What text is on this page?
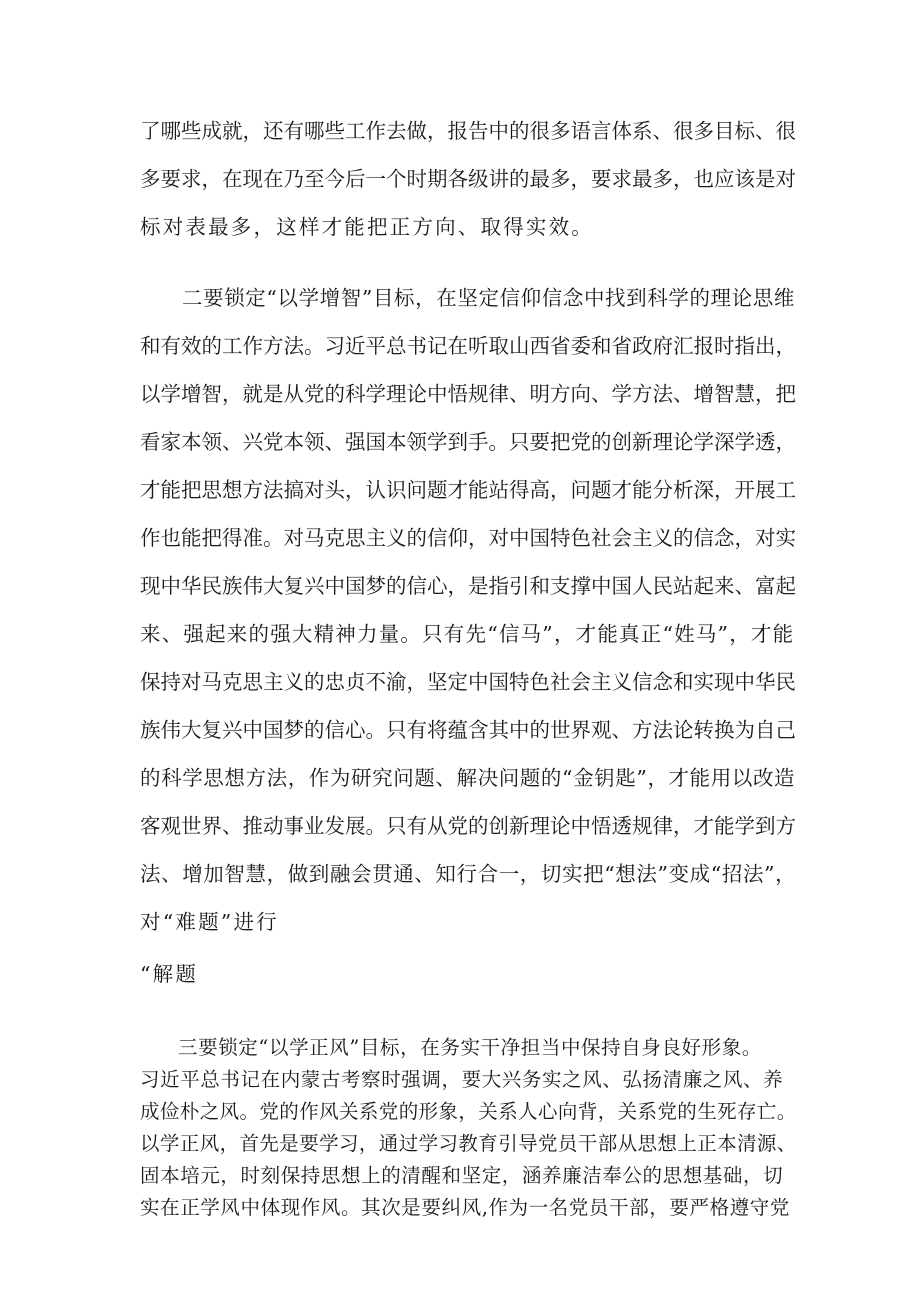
了哪些成就，还有哪些工作去做，报告中的很多语言体系、很多目标、很
多要求，在现在乃至今后一个时期各级讲的最多，要求最多，也应该是对
标对表最多，这样才能把正方向、取得实效。
二要锁定“以学增智”目标，在坚定信仰信念中找到科学的理论思维
和有效的工作方法。习近平总书记在听取山西省委和省政府汇报时指出，
以学增智，就是从党的科学理论中悟规律、明方向、学方法、增智慧，把
看家本领、兴党本领、强国本领学到手。只要把党的创新理论学深学透，
才能把思想方法搞对头，认识问题才能站得高，问题才能分析深，开展工
作也能把得准。对马克思主义的信仰，对中国特色社会主义的信念，对实
现中华民族伟大复兴中国梦的信心，是指引和支撑中国人民站起来、富起
来、强起来的强大精神力量。只有先“信马”，才能真正“姓马”，才能
保持对马克思主义的忠贞不渝，坚定中国特色社会主义信念和实现中华民
族伟大复兴中国梦的信心。只有将蕴含其中的世界观、方法论转换为自己
的科学思想方法，作为研究问题、解决问题的“金钥匙”，才能用以改造
客观世界、推动事业发展。只有从党的创新理论中悟透规律，才能学到方
法、增加智慧，做到融会贯通、知行合一，切实把“想法”变成“招法”，
对“难题”进行
“解题
三要锁定“以学正风”目标，在务实干净担当中保持自身良好形象。
习近平总书记在内蒙古考察时强调，要大兴务实之风、弘扬清廉之风、养
成俭朴之风。党的作风关系党的形象，关系人心向背，关系党的生死存亡。
以学正风，首先是要学习，通过学习教育引导党员干部从思想上正本清源、
固本培元，时刻保持思想上的清醒和坚定，涵养廉洁奉公的思想基础，切
实在正学风中体现作风。其次是要纠风,作为一名党员干部，要严格遵守党
